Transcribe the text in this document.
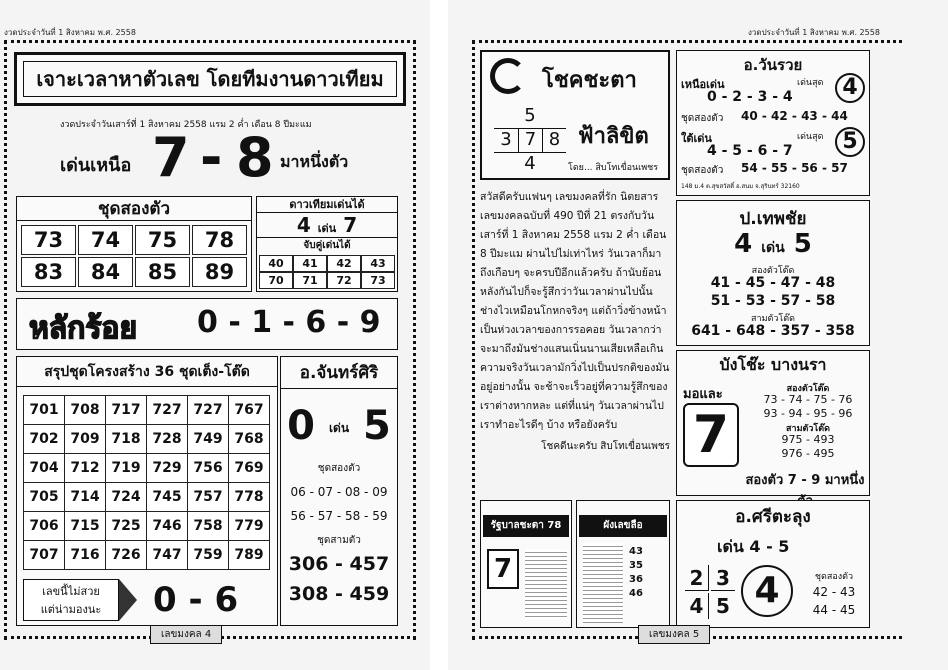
งวดประจำวันที่ 1 สิงหาคม พ.ศ. 2558
เจาะเวลาหาตัวเลข โดยทีมงานดาวเทียม
งวดประจำวันเสาร์ที่ 1 สิงหาคม 2558 แรม 2 ค่ำ เดือน 8 ปีมะแม
เด่นเหนือ 7 - 8 มาหนึ่งตัว
ชุดสองตัว
73	74	75	78
83	84	85	89
ดาวเทียมเด่นได้
4 เด่น 7
จับคู่เด่นได้
40	41	42	43
70	71	72	73
หลักร้อย 0 - 1 - 6 - 9
สรุปชุดโครงสร้าง 36 ชุดเต็ง-โต๊ด
701	708	717	727	727	767
702	709	718	728	749	768
704	712	719	729	756	769
705	714	724	745	757	778
706	715	725	746	758	779
707	716	726	747	759	789
เลขนี้ไม่สวย
แต่น่ามองนะ	0 - 6
อ.จันทร์ศิริ
0 เด่น 5
ชุดสองตัว
06 - 07 - 08 - 09
56 - 57 - 58 - 59
ชุดสามตัว
306 - 457
308 - 459
เลขมงคล 4
งวดประจำวันที่ 1 สิงหาคม พ.ศ. 2558
โชคชะตา
5
3 7 8
4
ฟ้าลิขิต
โดย... สิบโทเขื่อนเพชร

สวัสดีครับแฟนๆ เลขมงคลที่รัก นิตยสารเลขมงคลฉบับที่ 490 ปีที่ 21 ตรงกับวันเสาร์ที่ 1 สิงหาคม 2558 แรม 2 ค่ำ เดือน 8 ปีมะแม ผ่านไปไม่เท่าไหร่ วันเวลาก็มาถึงเกือบๆ จะครบปีอีกแล้วครับ ถ้านับย้อนหลังกันไปก็จะรู้สึกว่าวันเวลาผ่านไปนั้นช่างไวเหมือนโกหกจริงๆ แต่ถ้าวิ่งข้างหน้าเป็นห่วงเวลาของการรอคอย วันเวลากว่าจะมาถึงมันช่างแสนเนิ่นนานเสียเหลือเกิน ความจริงวันเวลามักวิ่งไปเป็นปรกติของมันอยู่อย่างนั้น จะช้าจะเร็วอยู่ที่ความรู้สึกของเราต่างหากหละ แต่ที่แน่ๆ วันเวลาผ่านไป เราทำอะไรดีๆ บ้าง หรือยังครับ

โชคดีนะครับ สิบโทเขื่อนเพชร
รัฐบาลชะตา 78
7
ผังเลขลือ
43
35
36
46
อ.วันรวย
เหนือเด่น	เด่นสุด 4
0 - 2 - 3 - 4
ชุดสองตัว 40 - 42 - 43 - 44
ใต้เด่น	เด่นสุด 5
4 - 5 - 6 - 7
ชุดสองตัว 54 - 55 - 56 - 57
148 ม.4 ต.สุขสวัสดิ์ อ.สนม จ.สุรินทร์ 32160
ป.เทพชัย
4 เด่น 5
สองตัวโต๊ด
41 - 45 - 47 - 48
51 - 53 - 57 - 58
สามตัวโต๊ด
641 - 648 - 357 - 358
บังโช๊ะ บางนรา
มอและ
7
สองตัวโต๊ด
73 - 74 - 75 - 76
93 - 94 - 95 - 96
สามตัวโต๊ด
975 - 493
976 - 495
สองตัว 7 - 9 มาหนึ่ง
อ.ศรีตะลุง
เด่น 4 - 5
2 3
4 5 4	ชุดสองตัว
42 - 43
44 - 45
เลขมงคล 5
